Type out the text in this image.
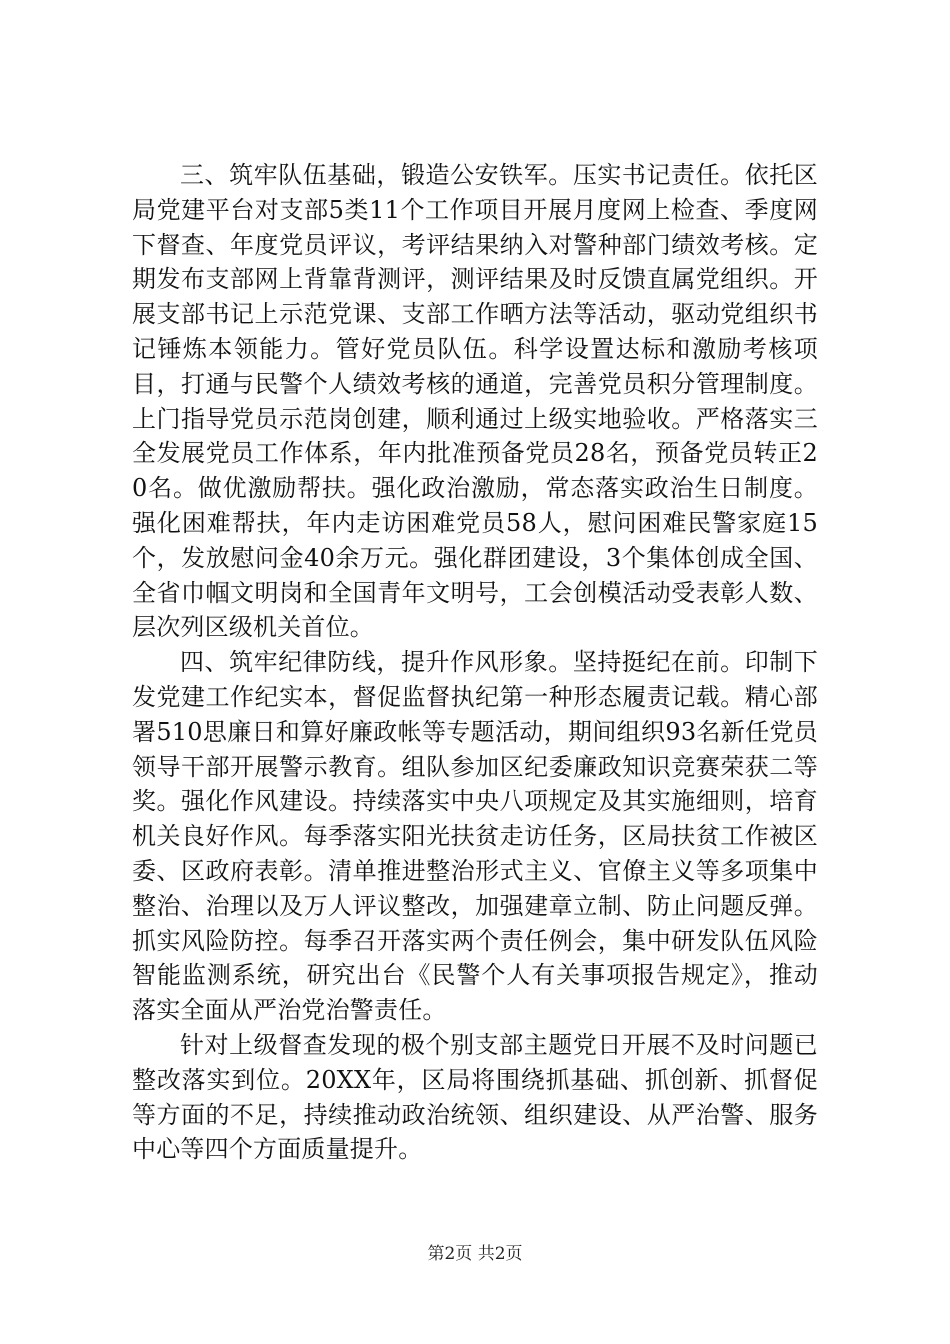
三、筑牢队伍基础，锻造公安铁军。压实书记责任。依托区局党建平台对支部5类11个工作项目开展月度网上检查、季度网下督查、年度党员评议，考评结果纳入对警种部门绩效考核。定期发布支部网上背靠背测评，测评结果及时反馈直属党组织。开展支部书记上示范党课、支部工作晒方法等活动，驱动党组织书记锤炼本领能力。管好党员队伍。科学设置达标和激励考核项目，打通与民警个人绩效考核的通道，完善党员积分管理制度。上门指导党员示范岗创建，顺利通过上级实地验收。严格落实三全发展党员工作体系，年内批准预备党员28名，预备党员转正20名。做优激励帮扶。强化政治激励，常态落实政治生日制度。强化困难帮扶，年内走访困难党员58人，慰问困难民警家庭15个，发放慰问金40余万元。强化群团建设，3个集体创成全国、全省巾帼文明岗和全国青年文明号，工会创模活动受表彰人数、层次列区级机关首位。

四、筑牢纪律防线，提升作风形象。坚持挺纪在前。印制下发党建工作纪实本，督促监督执纪第一种形态履责记载。精心部署510思廉日和算好廉政帐等专题活动，期间组织93名新任党员领导干部开展警示教育。组队参加区纪委廉政知识竞赛荣获二等奖。强化作风建设。持续落实中央八项规定及其实施细则，培育机关良好作风。每季落实阳光扶贫走访任务，区局扶贫工作被区委、区政府表彰。清单推进整治形式主义、官僚主义等多项集中整治、治理以及万人评议整改，加强建章立制、防止问题反弹。抓实风险防控。每季召开落实两个责任例会，集中研发队伍风险智能监测系统，研究出台《民警个人有关事项报告规定》，推动落实全面从严治党治警责任。

针对上级督查发现的极个别支部主题党日开展不及时问题已整改落实到位。20XX年，区局将围绕抓基础、抓创新、抓督促等方面的不足，持续推动政治统领、组织建设、从严治警、服务中心等四个方面质量提升。

第2页 共2页
